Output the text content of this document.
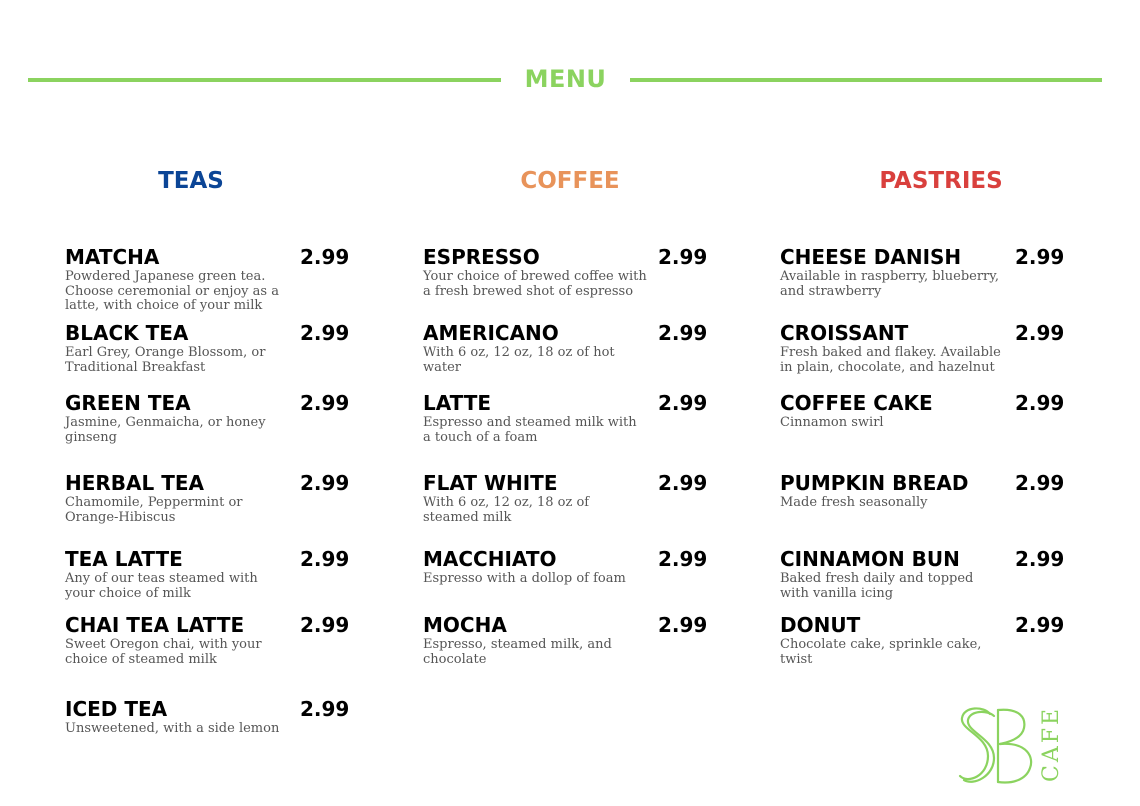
MENU
TEAS	COFFEE	PASTRIES
MATCHA	2.99
Powdered Japanese green tea. Choose ceremonial or enjoy as a latte, with choice of your milk
BLACK TEA	2.99
Earl Grey, Orange Blossom, or Traditional Breakfast
GREEN TEA	2.99
Jasmine, Genmaicha, or honey ginseng
HERBAL TEA	2.99
Chamomile, Peppermint or Orange-Hibiscus
TEA LATTE	2.99
Any of our teas steamed with your choice of milk
CHAI TEA LATTE	2.99
Sweet Oregon chai, with your choice of steamed milk
ICED TEA	2.99
Unsweetened, with a side lemon
ESPRESSO	2.99
Your choice of brewed coffee with a fresh brewed shot of espresso
AMERICANO	2.99
With 6 oz, 12 oz, 18 oz of hot water
LATTE	2.99
Espresso and steamed milk with a touch of a foam
FLAT WHITE	2.99
With 6 oz, 12 oz, 18 oz of steamed milk
MACCHIATO	2.99
Espresso with a dollop of foam
MOCHA	2.99
Espresso, steamed milk, and chocolate
CHEESE DANISH	2.99
Available in raspberry, blueberry, and strawberry
CROISSANT	2.99
Fresh baked and flakey. Available in plain, chocolate, and hazelnut
COFFEE CAKE	2.99
Cinnamon swirl
PUMPKIN BREAD 2.99
Made fresh seasonally
CINNAMON BUN	2.99
Baked fresh daily and topped with vanilla icing
DONUT	2.99
Chocolate cake, sprinkle cake, twist
CAFE
